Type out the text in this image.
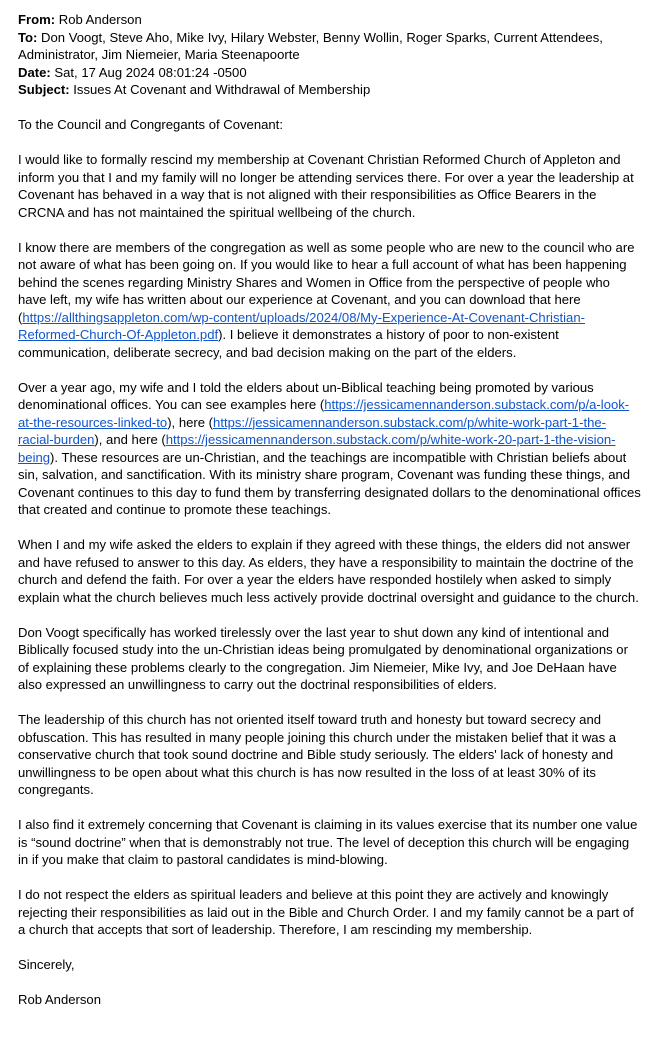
From: Rob Anderson
To: Don Voogt, Steve Aho, Mike Ivy, Hilary Webster, Benny Wollin, Roger Sparks, Current Attendees, Administrator, Jim Niemeier, Maria Steenapoorte
Date: Sat, 17 Aug 2024 08:01:24 -0500
Subject: Issues At Covenant and Withdrawal of Membership

To the Council and Congregants of Covenant:

I would like to formally rescind my membership at Covenant Christian Reformed Church of Appleton and inform you that I and my family will no longer be attending services there. For over a year the leadership at Covenant has behaved in a way that is not aligned with their responsibilities as Office Bearers in the CRCNA and has not maintained the spiritual wellbeing of the church.

I know there are members of the congregation as well as some people who are new to the council who are not aware of what has been going on. If you would like to hear a full account of what has been happening behind the scenes regarding Ministry Shares and Women in Office from the perspective of people who have left, my wife has written about our experience at Covenant, and you can download that here (https://allthingsappleton.com/wp-content/uploads/2024/08/My-Experience-At-Covenant-Christian-Reformed-Church-Of-Appleton.pdf). I believe it demonstrates a history of poor to non-existent communication, deliberate secrecy, and bad decision making on the part of the elders.

Over a year ago, my wife and I told the elders about un-Biblical teaching being promoted by various denominational offices. You can see examples here (https://jessicamennanderson.substack.com/p/a-look-at-the-resources-linked-to), here (https://jessicamennanderson.substack.com/p/white-work-part-1-the-racial-burden), and here (https://jessicamennanderson.substack.com/p/white-work-20-part-1-the-vision-being). These resources are un-Christian, and the teachings are incompatible with Christian beliefs about sin, salvation, and sanctification. With its ministry share program, Covenant was funding these things, and Covenant continues to this day to fund them by transferring designated dollars to the denominational offices that created and continue to promote these teachings.

When I and my wife asked the elders to explain if they agreed with these things, the elders did not answer and have refused to answer to this day. As elders, they have a responsibility to maintain the doctrine of the church and defend the faith. For over a year the elders have responded hostilely when asked to simply explain what the church believes much less actively provide doctrinal oversight and guidance to the church.

Don Voogt specifically has worked tirelessly over the last year to shut down any kind of intentional and Biblically focused study into the un-Christian ideas being promulgated by denominational organizations or of explaining these problems clearly to the congregation. Jim Niemeier, Mike Ivy, and Joe DeHaan have also expressed an unwillingness to carry out the doctrinal responsibilities of elders.

The leadership of this church has not oriented itself toward truth and honesty but toward secrecy and obfuscation. This has resulted in many people joining this church under the mistaken belief that it was a conservative church that took sound doctrine and Bible study seriously. The elders' lack of honesty and unwillingness to be open about what this church is has now resulted in the loss of at least 30% of its congregants.

I also find it extremely concerning that Covenant is claiming in its values exercise that its number one value is “sound doctrine” when that is demonstrably not true. The level of deception this church will be engaging in if you make that claim to pastoral candidates is mind-blowing.

I do not respect the elders as spiritual leaders and believe at this point they are actively and knowingly rejecting their responsibilities as laid out in the Bible and Church Order. I and my family cannot be a part of a church that accepts that sort of leadership. Therefore, I am rescinding my membership.

Sincerely,

Rob Anderson
